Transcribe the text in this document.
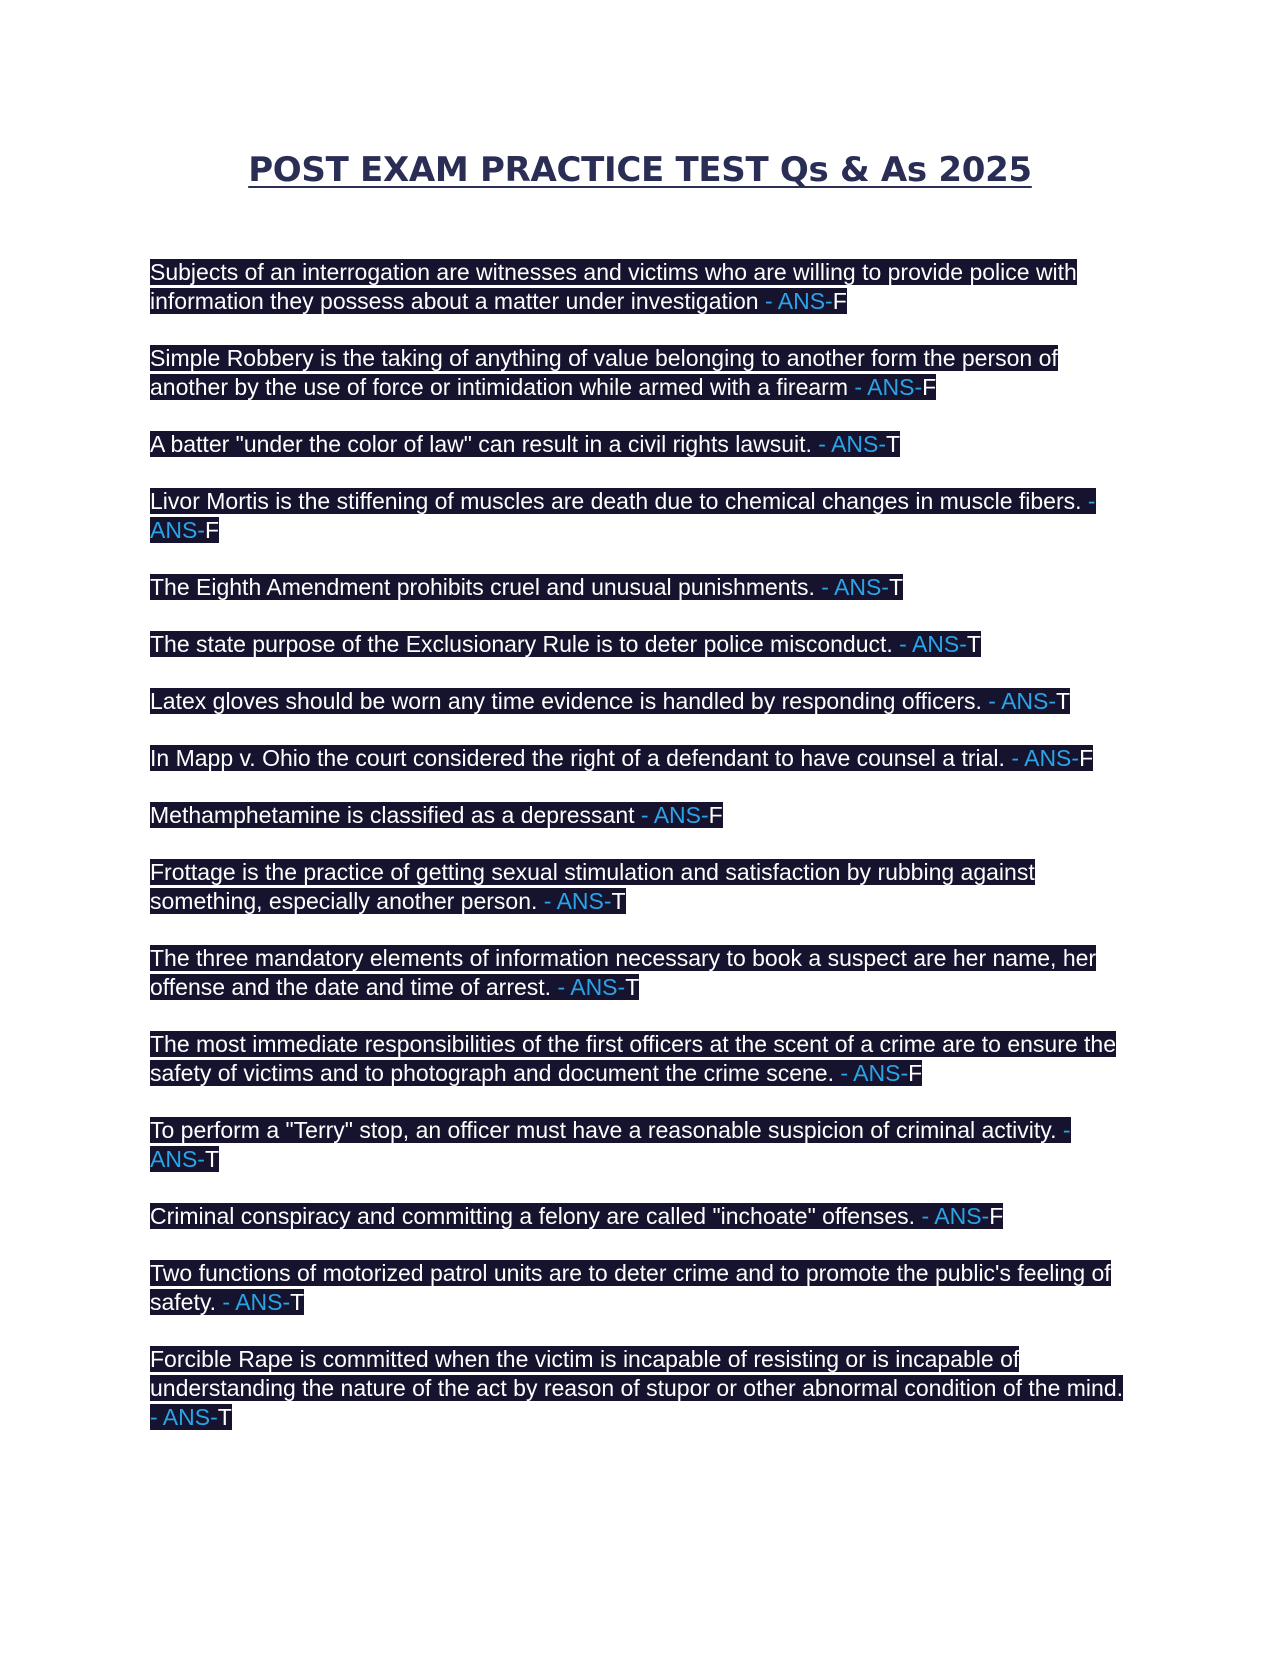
POST EXAM PRACTICE TEST Qs & As 2025
Subjects of an interrogation are witnesses and victims who are willing to provide police with information they possess about a matter under investigation - ANS-F
Simple Robbery is the taking of anything of value belonging to another form the person of another by the use of force or intimidation while armed with a firearm - ANS-F
A batter "under the color of law" can result in a civil rights lawsuit. - ANS-T
Livor Mortis is the stiffening of muscles are death due to chemical changes in muscle fibers. - ANS-F
The Eighth Amendment prohibits cruel and unusual punishments. - ANS-T
The state purpose of the Exclusionary Rule is to deter police misconduct. - ANS-T
Latex gloves should be worn any time evidence is handled by responding officers. - ANS-T
In Mapp v. Ohio the court considered the right of a defendant to have counsel a trial. - ANS-F
Methamphetamine is classified as a depressant - ANS-F
Frottage is the practice of getting sexual stimulation and satisfaction by rubbing against something, especially another person. - ANS-T
The three mandatory elements of information necessary to book a suspect are her name, her offense and the date and time of arrest. - ANS-T
The most immediate responsibilities of the first officers at the scent of a crime are to ensure the safety of victims and to photograph and document the crime scene. - ANS-F
To perform a "Terry" stop, an officer must have a reasonable suspicion of criminal activity. - ANS-T
Criminal conspiracy and committing a felony are called "inchoate" offenses. - ANS-F
Two functions of motorized patrol units are to deter crime and to promote the public's feeling of safety. - ANS-T
Forcible Rape is committed when the victim is incapable of resisting or is incapable of understanding the nature of the act by reason of stupor or other abnormal condition of the mind. - ANS-T
